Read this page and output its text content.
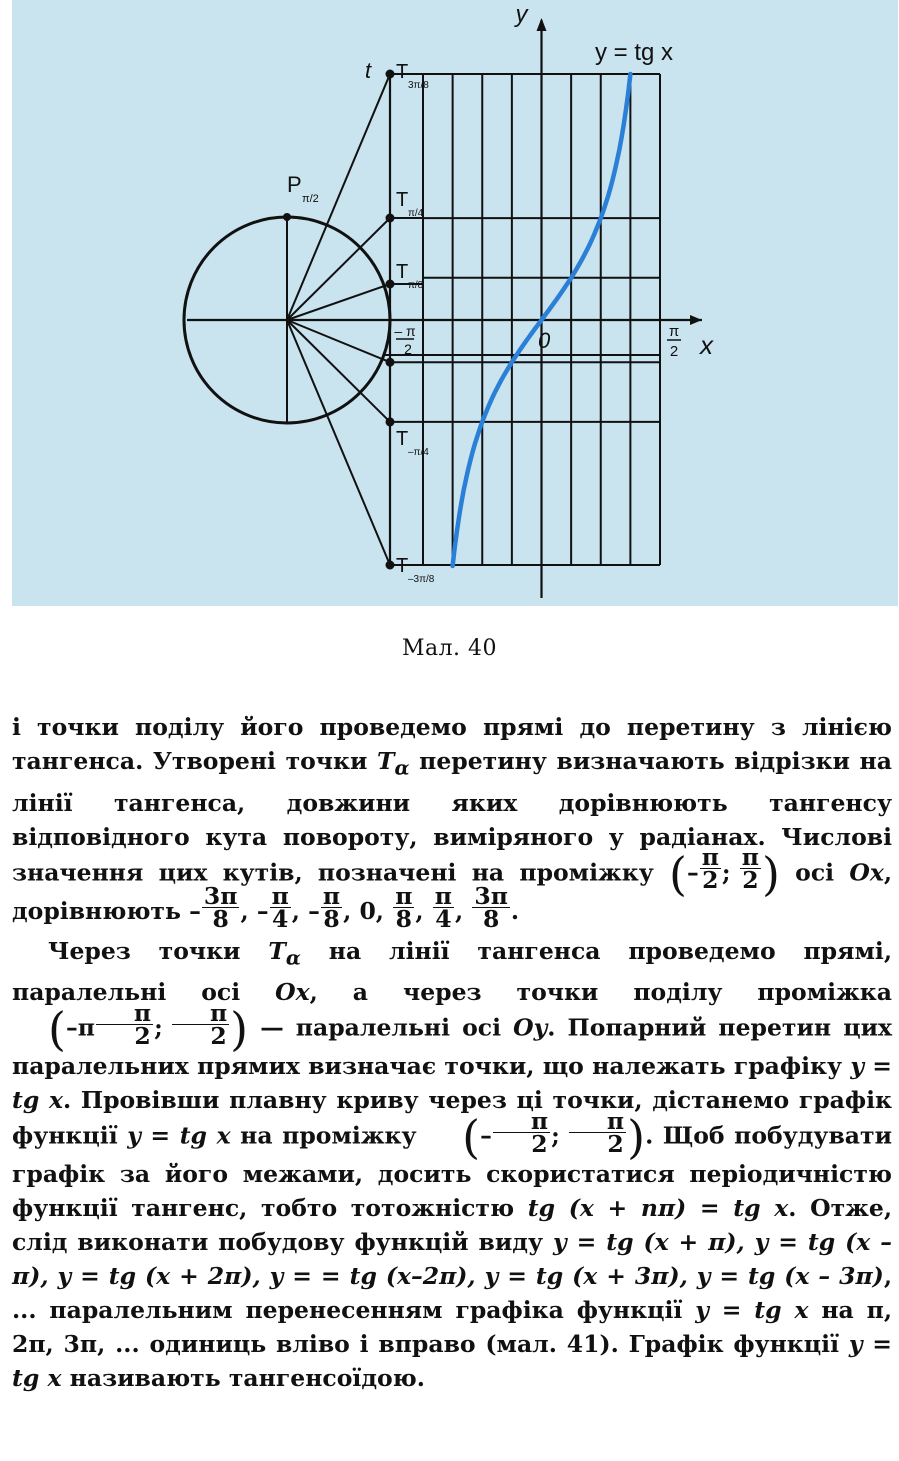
y
x
t
y = tg x
0	π
2
– π
2
P
π/2
T
3π/8
T
π/4
T
π/8
T
–π/4
T
–3π/8
Мал. 40

і точки поділу його проведемо прямі до перетину з лінією тангенса. Утворені точки $T_\alpha$ перетину визначають відрізки на лінії тангенса, довжини яких дорівнюють тангенсу відповідного кута повороту, виміряного у радіанах. Числові значення цих кутів, позначені на проміжку (– $\frac{\pi}{2}$ ; $\frac{\pi}{2}$ ) осі Ox, дорівнюють – $\frac{3\pi}{8}$ , – $\frac{\pi}{4}$ , – $\frac{\pi}{8}$ , 0, $\frac{\pi}{8}$ , $\frac{\pi}{4}$ , $\frac{3\pi}{8}$ .

Через точки $T_\alpha$ на лінії тангенса проведемо прямі, паралельні осі Ox, а через точки поділу проміжка ($-\pi \frac{\pi}{2}$ ; $\frac{\pi}{2}$ ) — паралельні осі Oy. Попарний перетин цих паралельних прямих визначає точки, що належать графіку y = tg x. Провівши плавну криву через ці точки, дістанемо графік функції y = tg x на проміжку (– $\frac{\pi}{2}$ ; $\frac{\pi}{2}$ ). Щоб побудувати графік за його межами, досить скористатися періодичністю функції тангенс, тобто тотожністю tg (x + nπ) = tg x. Отже, слід виконати побудову функцій виду y = tg (x + π), y = tg (x – π), y = tg (x + 2π), y = = tg (x–2π), y = tg (x + 3π), y = tg (x – 3π), ... паралельним перенесенням графіка функції y = tg x на π, 2π, 3π, ... одиниць вліво і вправо (мал. 41). Графік функції y = tg x називають тангенсоїдою.
